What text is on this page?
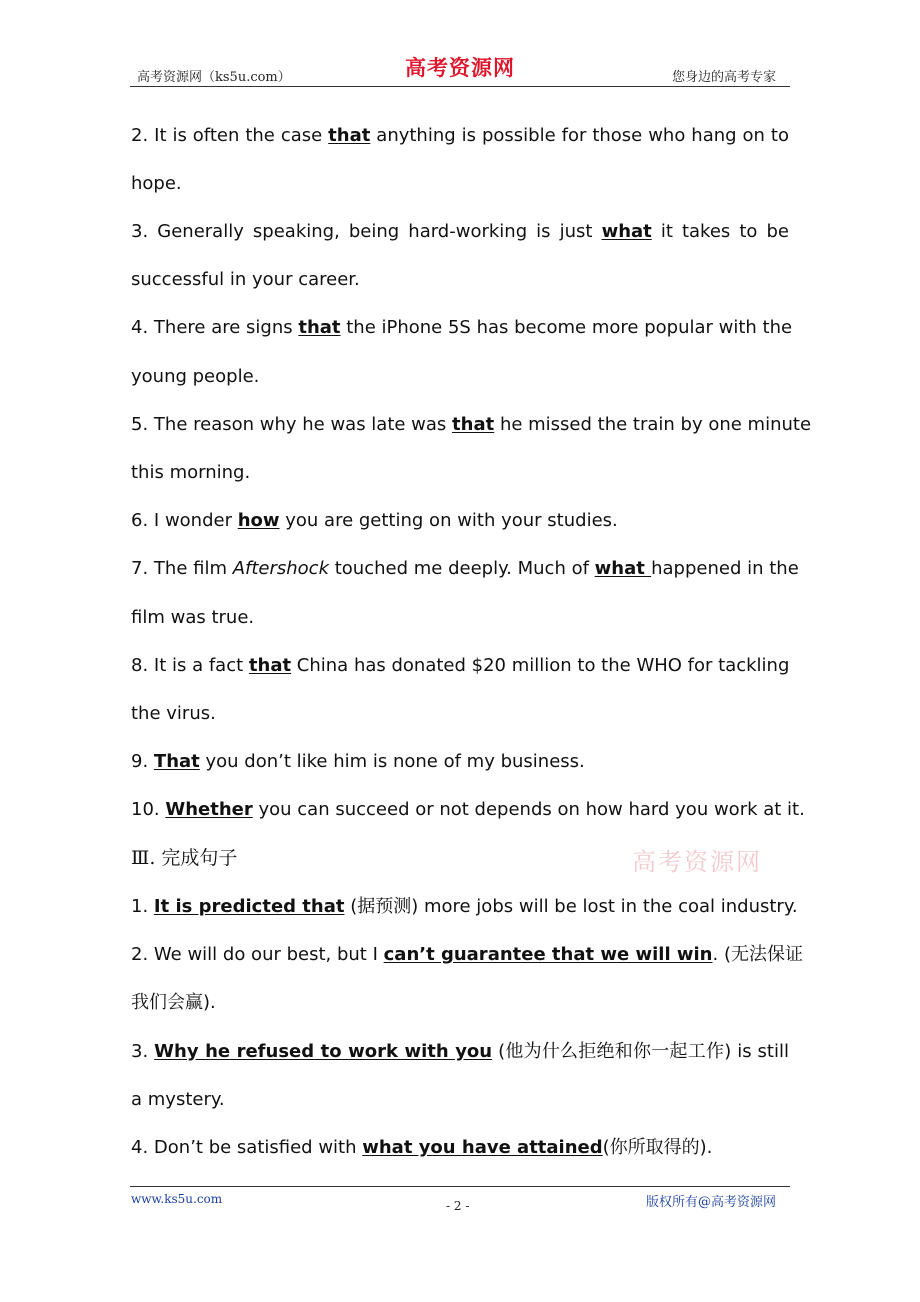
高考资源网（ks5u.com）	高考资源网	您身边的高考专家
2. It is often the case that anything is possible for those who hang on to
hope.
3. Generally speaking, being hard-working is just what it takes to be
successful in your career.
4. There are signs that the iPhone 5S has become more popular with the
young people.
5. The reason why he was late was that he missed the train by one minute
this morning.
6. I wonder how you are getting on with your studies.
7. The film Aftershock touched me deeply. Much of what happened in the
film was true.
8. It is a fact that China has donated $20 million to the WHO for tackling
the virus.
9. That you don’t like him is none of my business.
10. Whether you can succeed or not depends on how hard you work at it.
Ⅲ. 完成句子	高考资源网
1. It is predicted that (据预测) more jobs will be lost in the coal industry.
2. We will do our best, but I can’t guarantee that we will win. (无法保证
我们会赢).
3. Why he refused to work with you (他为什么拒绝和你一起工作) is still
a mystery.
4. Don’t be satisfied with what you have attained(你所取得的).
www.ks5u.com	- 2 -	版权所有@高考资源网
